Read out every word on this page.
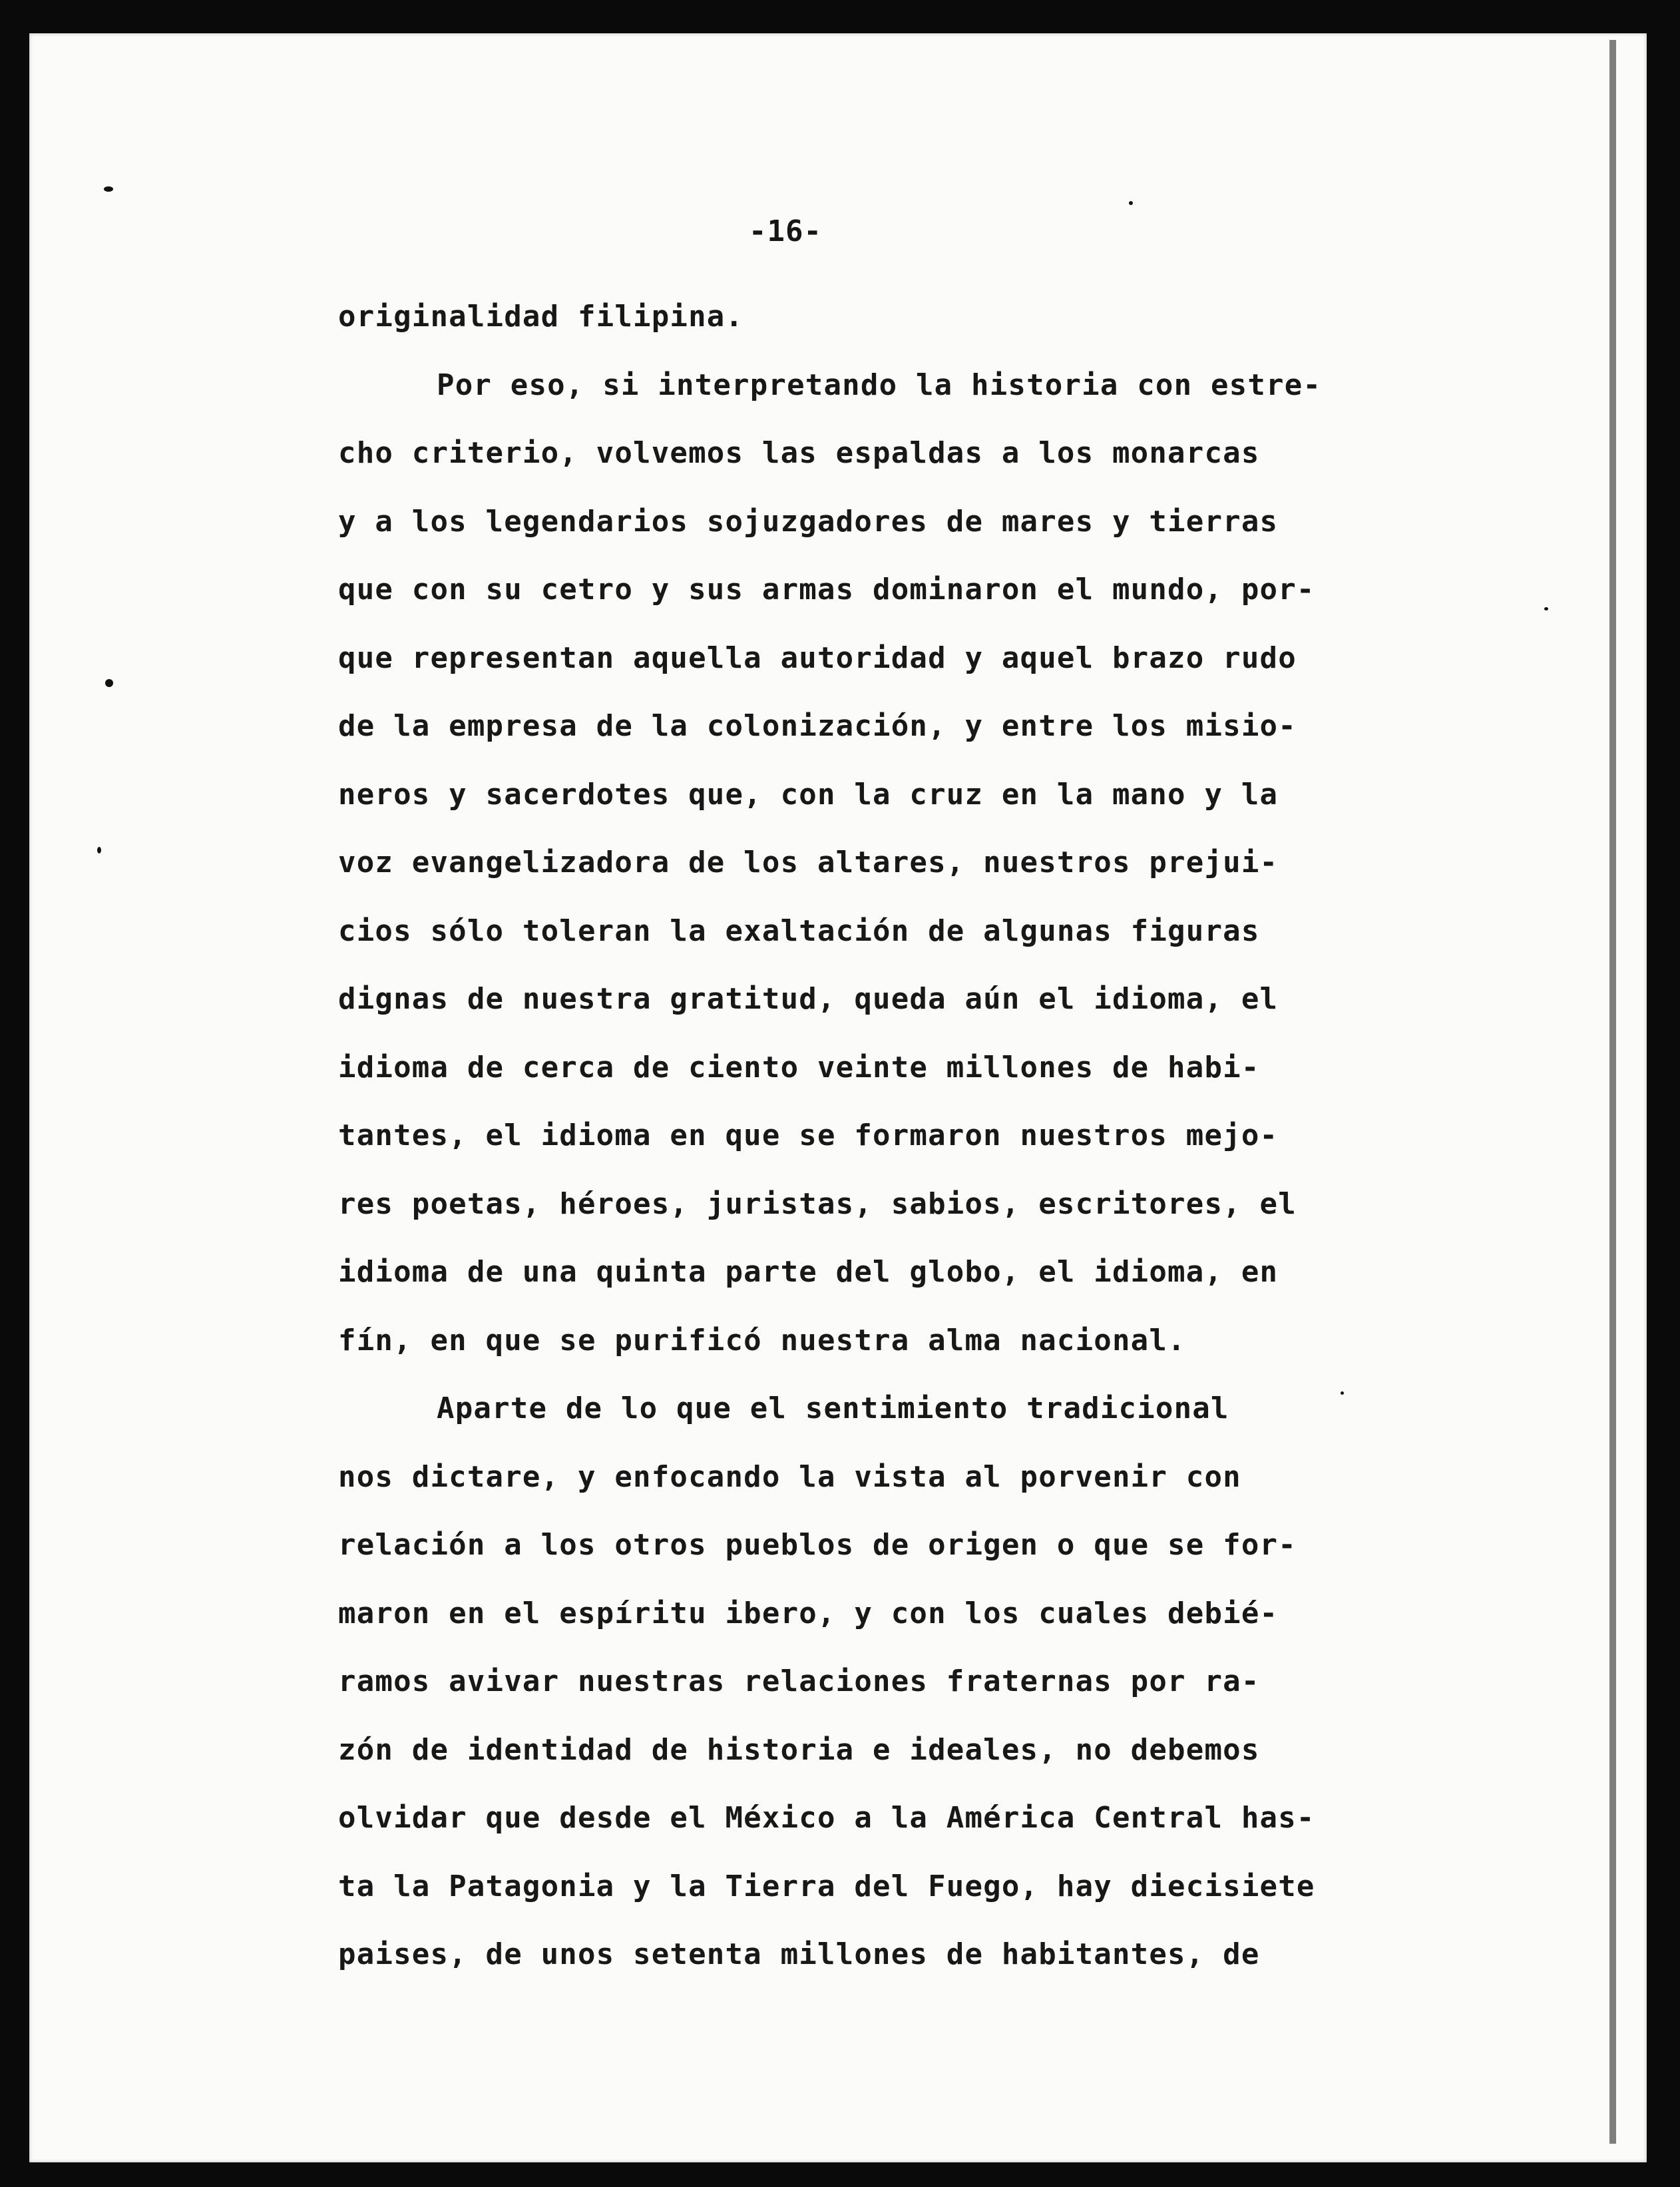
-16-
originalidad filipina.
Por eso, si interpretando la historia con estre-
cho criterio, volvemos las espaldas a los monarcas
y a los legendarios sojuzgadores de mares y tierras
que con su cetro y sus armas dominaron el mundo, por-
que representan aquella autoridad y aquel brazo rudo
de la empresa de la colonización, y entre los misio-
neros y sacerdotes que, con la cruz en la mano y la
voz evangelizadora de los altares, nuestros prejui-
cios sólo toleran la exaltación de algunas figuras
dignas de nuestra gratitud, queda aún el idioma, el
idioma de cerca de ciento veinte millones de habi-
tantes, el idioma en que se formaron nuestros mejo-
res poetas, héroes, juristas, sabios, escritores, el
idioma de una quinta parte del globo, el idioma, en
fín, en que se purificó nuestra alma nacional.
Aparte de lo que el sentimiento tradicional
nos dictare, y enfocando la vista al porvenir con
relación a los otros pueblos de origen o que se for-
maron en el espíritu ibero, y con los cuales debié-
ramos avivar nuestras relaciones fraternas por ra-
zón de identidad de historia e ideales, no debemos
olvidar que desde el México a la América Central has-
ta la Patagonia y la Tierra del Fuego, hay diecisiete
paises, de unos setenta millones de habitantes, de
